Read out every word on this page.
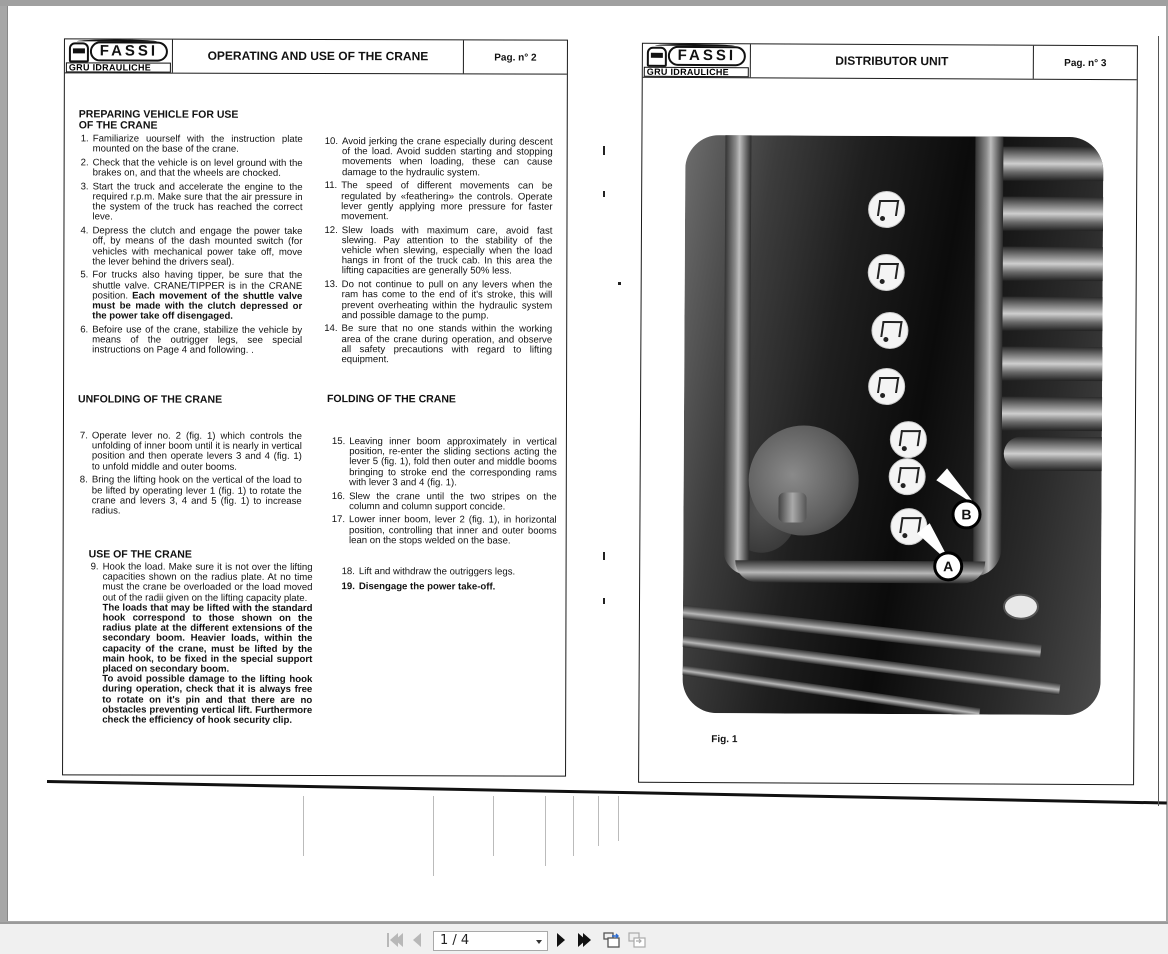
FASSI
GRU IDRAULICHE
OPERATING AND USE OF THE CRANE	Pag. n° 2
PREPARING VEHICLE FOR USE
OF THE CRANE
1. Familiarize uourself with the instruction plate mounted on the base of the crane.
2. Check that the vehicle is on level ground with the brakes on, and that the wheels are chocked.
3. Start the truck and accelerate the engine to the required r.p.m. Make sure that the air pressure in the system of the truck has reached the correct leve.
4. Depress the clutch and engage the power take off, by means of the dash mounted switch (for vehicles with mechanical power take off, move the lever behind the drivers seal).
5. For trucks also having tipper, be sure that the shuttle valve. CRANE/TIPPER is in the CRANE position. Each movement of the shuttle valve must be made with the clutch depressed or the power take off disengaged.
6. Befoire use of the crane, stabilize the vehicle by means of the outrigger legs, see special instructions on Page 4 and following. .
UNFOLDING OF THE CRANE
7. Operate lever no. 2 (fig. 1) which controls the unfolding of inner boom until it is nearly in vertical position and then operate levers 3 and 4 (fig. 1) to unfold middle and outer booms.
8. Bring the lifting hook on the vertical of the load to be lifted by operating lever 1 (fig. 1) to rotate the crane and levers 3, 4 and 5 (fig. 1) to increase radius.
USE OF THE CRANE
9. Hook the load. Make sure it is not over the lifting capacities shown on the radius plate. At no time must the crane be overloaded or the load moved out of the radii given on the lifting capacity plate.
The loads that may be lifted with the standard hook correspond to those shown on the radius plate at the different extensions of the secondary boom. Heavier loads, within the capacity of the crane, must be lifted by the main hook, to be fixed in the special support placed on secondary boom.
To avoid possible damage to the lifting hook during operation, check that it is always free to rotate on it's pin and that there are no obstacles preventing vertical lift. Furthermore check the efficiency of hook security clip.
10. Avoid jerking the crane especially during descent of the load. Avoid sudden starting and stopping movements when loading, these can cause damage to the hydraulic system.
11. The speed of different movements can be regulated by «feathering» the controls. Operate lever gently applying more pressure for faster movement.
12. Slew loads with maximum care, avoid fast slewing. Pay attention to the stability of the vehicle when slewing, especially when the load hangs in front of the truck cab. In this area the lifting capacities are generally 50% less.
13. Do not continue to pull on any levers when the ram has come to the end of it's stroke, this will prevent overheating within the hydraulic system and possible damage to the pump.
14. Be sure that no one stands within the working area of the crane during operation, and observe all safety precautions with regard to lifting equipment.
FOLDING OF THE CRANE
15. Leaving inner boom approximately in vertical position, re-enter the sliding sections acting the lever 5 (fig. 1), fold then outer and middle booms bringing to stroke end the corresponding rams with lever 3 and 4 (fig. 1).
16. Slew the crane until the two stripes on the column and column support concide.
17. Lower inner boom, lever 2 (fig. 1), in horizontal position, controlling that inner and outer booms lean on the stops welded on the base.
18. Lift and withdraw the outriggers legs.
19. Disengage the power take-off.
FASSI
GRU IDRAULICHE
DISTRIBUTOR UNIT	Pag. n° 3
B
A
Fig. 1
1 / 4
